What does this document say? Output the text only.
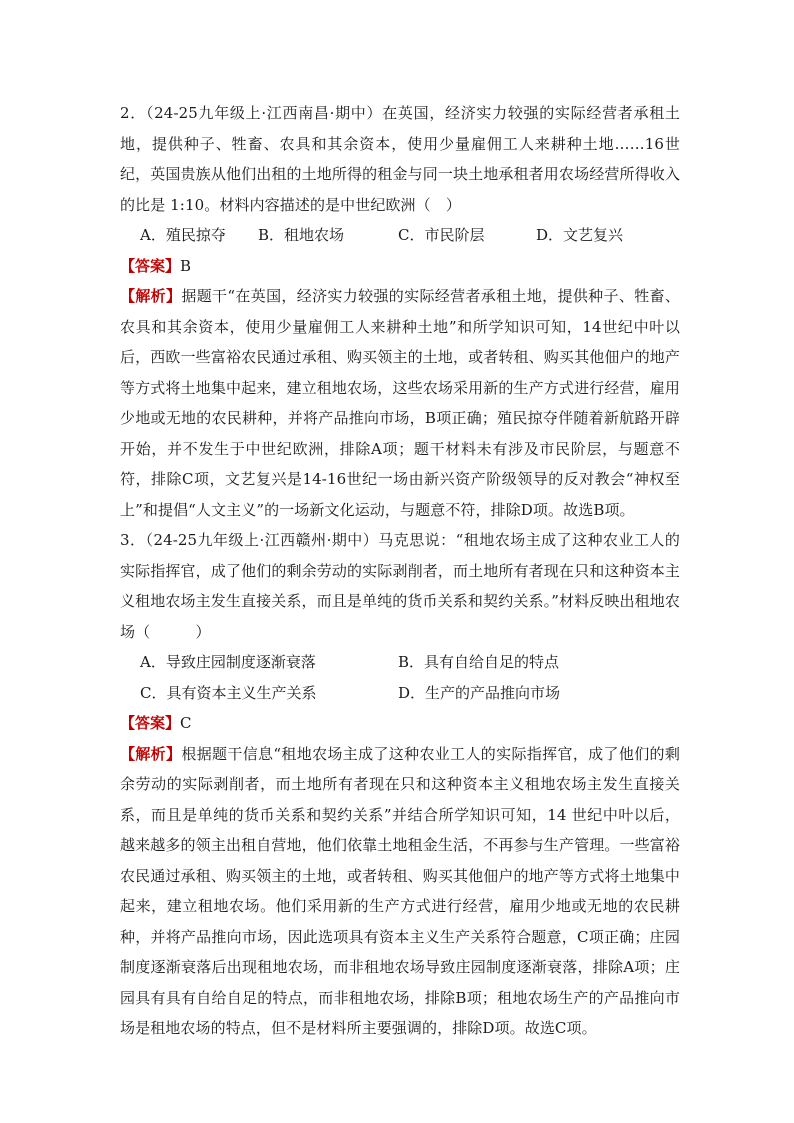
2．（24-25九年级上·江西南昌·期中）在英国，经济实力较强的实际经营者承租土地，提供种子、牲畜、农具和其余资本，使用少量雇佣工人来耕种土地……16世纪，英国贵族从他们出租的土地所得的租金与同一块土地承租者用农场经营所得收入的比是 1:10。材料内容描述的是中世纪欧洲（　）

A．殖民掠夺	B．租地农场	C．市民阶层	D．文艺复兴
【答案】B

【解析】据题干“在英国，经济实力较强的实际经营者承租土地，提供种子、牲畜、农具和其余资本，使用少量雇佣工人来耕种土地”和所学知识可知，14世纪中叶以后，西欧一些富裕农民通过承租、购买领主的土地，或者转租、购买其他佃户的地产等方式将土地集中起来，建立租地农场，这些农场采用新的生产方式进行经营，雇用少地或无地的农民耕种，并将产品推向市场，B项正确；殖民掠夺伴随着新航路开辟开始，并不发生于中世纪欧洲，排除A项；题干材料未有涉及市民阶层，与题意不符，排除C项，文艺复兴是14-16世纪一场由新兴资产阶级领导的反对教会“神权至上”和提倡“人文主义”的一场新文化运动，与题意不符，排除D项。故选B项。

3．（24-25九年级上·江西赣州·期中）马克思说：“租地农场主成了这种农业工人的实际指挥官，成了他们的剩余劳动的实际剥削者，而土地所有者现在只和这种资本主义租地农场主发生直接关系，而且是单纯的货币关系和契约关系。”材料反映出租地农场（　　　）

A．导致庄园制度逐渐衰落	B．具有自给自足的特点
C．具有资本主义生产关系	D．生产的产品推向市场
【答案】C

【解析】根据题干信息“租地农场主成了这种农业工人的实际指挥官，成了他们的剩余劳动的实际剥削者，而土地所有者现在只和这种资本主义租地农场主发生直接关系，而且是单纯的货币关系和契约关系”并结合所学知识可知，14 世纪中叶以后，越来越多的领主出租自营地，他们依靠土地租金生活，不再参与生产管理。一些富裕农民通过承租、购买领主的土地，或者转租、购买其他佃户的地产等方式将土地集中起来，建立租地农场。他们采用新的生产方式进行经营，雇用少地或无地的农民耕种，并将产品推向市场，因此选项具有资本主义生产关系符合题意，C项正确；庄园制度逐渐衰落后出现租地农场，而非租地农场导致庄园制度逐渐衰落，排除A项；庄园具有具有自给自足的特点，而非租地农场，排除B项；租地农场生产的产品推向市场是租地农场的特点，但不是材料所主要强调的，排除D项。故选C项。
